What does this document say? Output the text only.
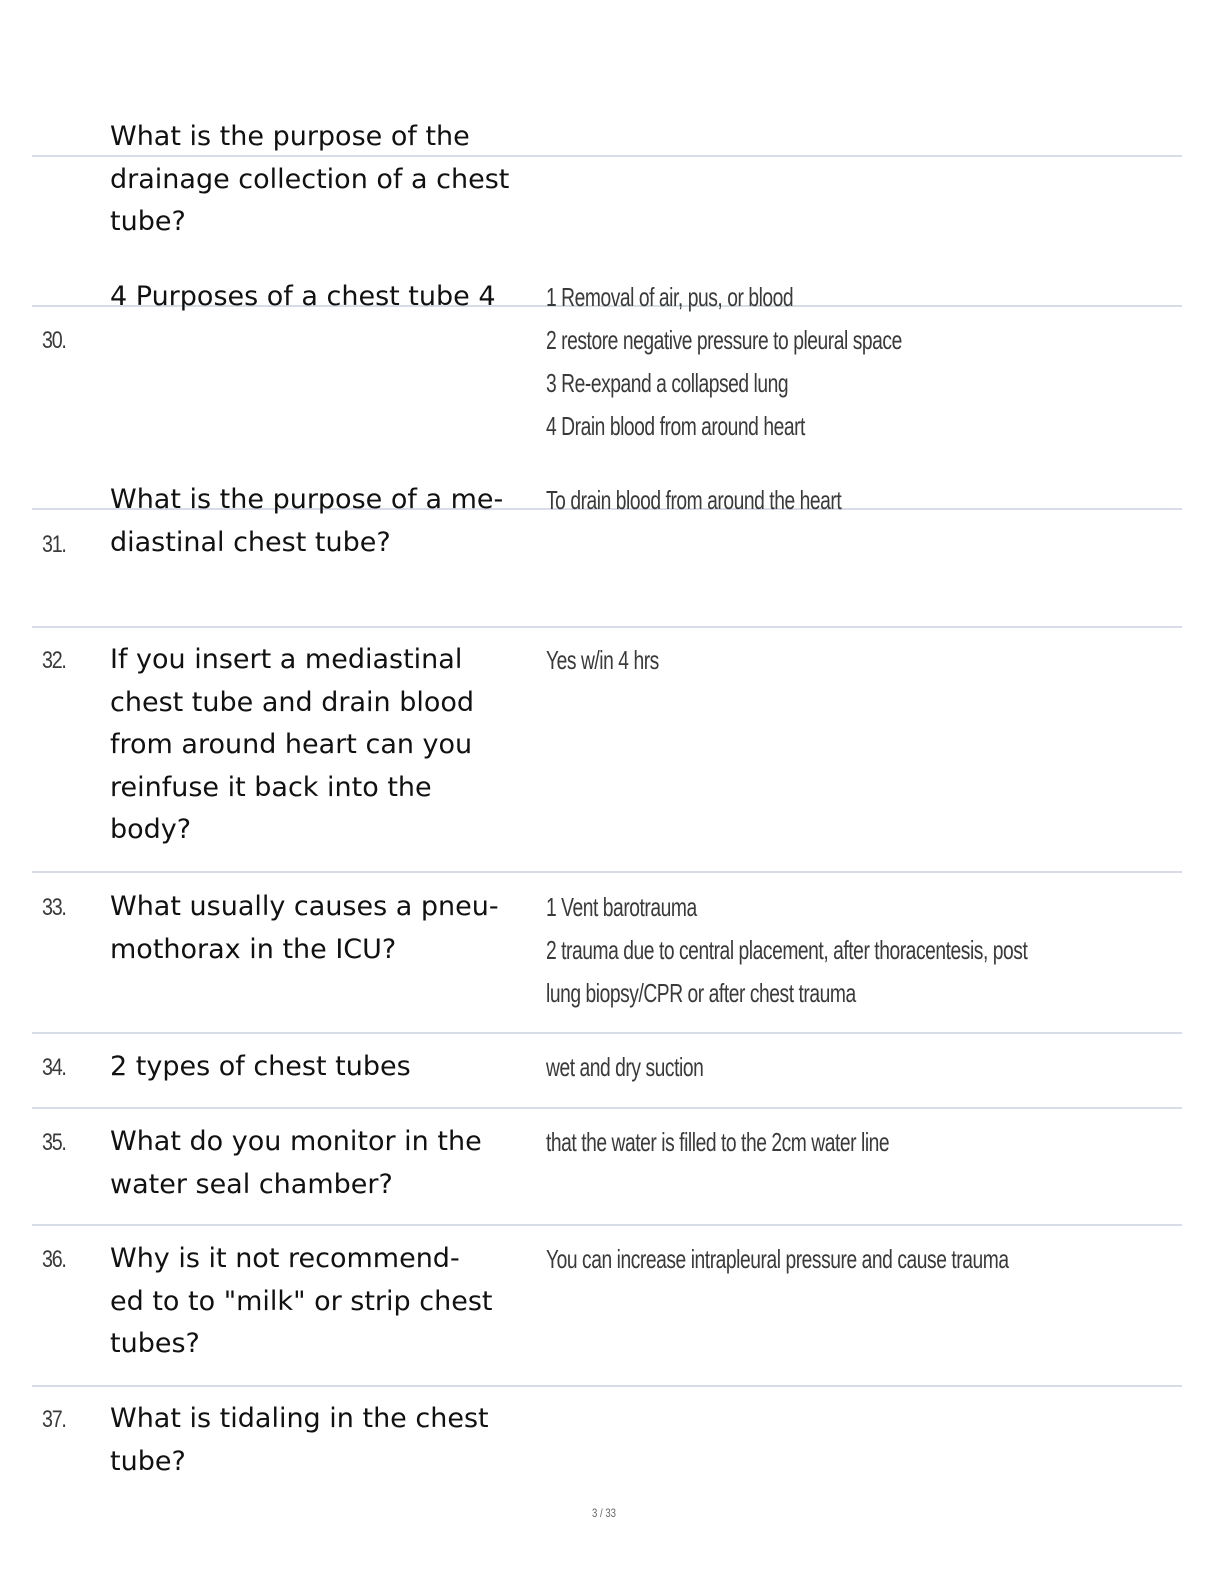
What is the purpose of the
drainage collection of a chest
tube?
30.
4 Purposes of a chest tube 4	1 Removal of air, pus, or blood
2 restore negative pressure to pleural space
3 Re-expand a collapsed lung
4 Drain blood from around heart
31.
What is the purpose of a me-
diastinal chest tube?
To drain blood from around the heart
32. If you insert a mediastinal
chest tube and drain blood
from around heart can you
reinfuse it back into the
body?
Yes w/in 4 hrs
33. What usually causes a pneu-
mothorax in the ICU?
1 Vent barotrauma
2 trauma due to central placement, after thoracentesis, post
lung biopsy/CPR or after chest trauma
34. 2 types of chest tubes	wet and dry suction
35. What do you monitor in the
water seal chamber?
that the water is filled to the 2cm water line
36. Why is it not recommend-
ed to to "milk" or strip chest
tubes?
You can increase intrapleural pressure and cause trauma
37. What is tidaling in the chest
tube?
3 / 33
